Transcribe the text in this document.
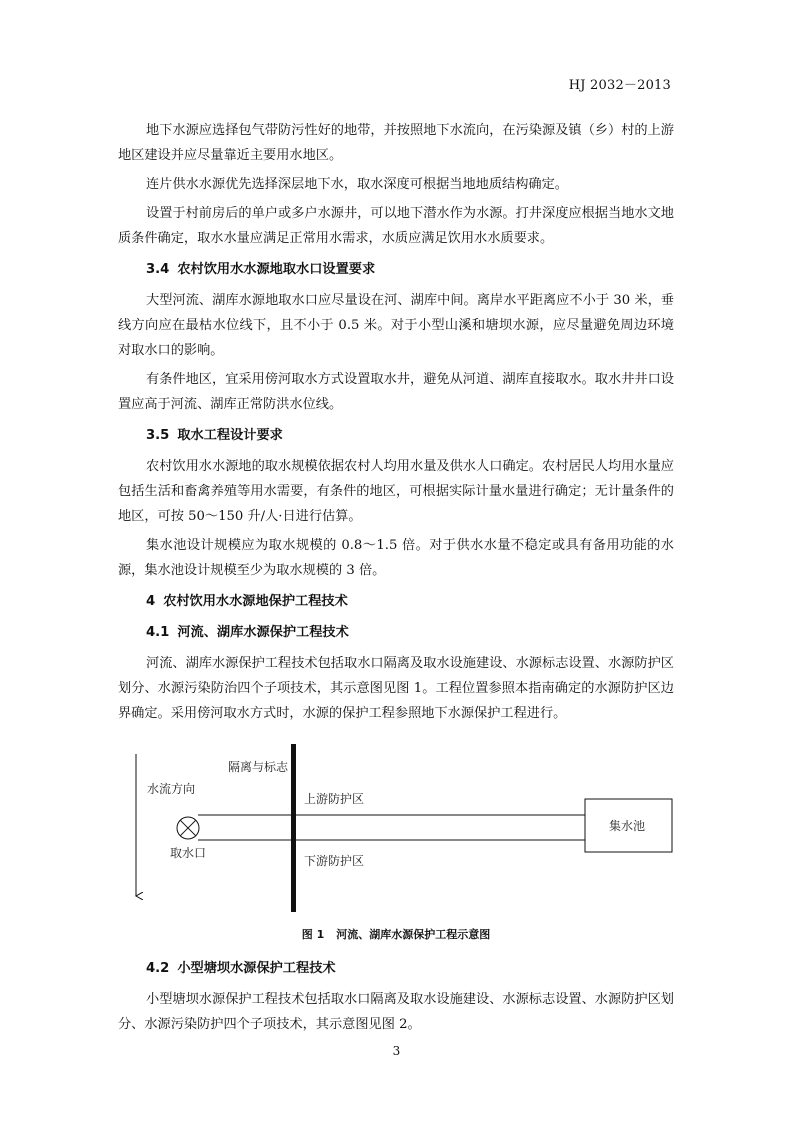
HJ 2032－2013

地下水源应选择包气带防污性好的地带，并按照地下水流向，在污染源及镇（乡）村的上游地区建设并应尽量靠近主要用水地区。

连片供水水源优先选择深层地下水，取水深度可根据当地地质结构确定。

设置于村前房后的单户或多户水源井，可以地下潜水作为水源。打井深度应根据当地水文地质条件确定，取水水量应满足正常用水需求，水质应满足饮用水水质要求。

3.4 农村饮用水水源地取水口设置要求

大型河流、湖库水源地取水口应尽量设在河、湖库中间。离岸水平距离应不小于 30 米，垂线方向应在最枯水位线下，且不小于 0.5 米。对于小型山溪和塘坝水源，应尽量避免周边环境对取水口的影响。

有条件地区，宜采用傍河取水方式设置取水井，避免从河道、湖库直接取水。取水井井口设置应高于河流、湖库正常防洪水位线。

3.5 取水工程设计要求

农村饮用水水源地的取水规模依据农村人均用水量及供水人口确定。农村居民人均用水量应包括生活和畜禽养殖等用水需要，有条件的地区，可根据实际计量水量进行确定；无计量条件的地区，可按 50～150 升/人·日进行估算。

集水池设计规模应为取水规模的 0.8～1.5 倍。对于供水水量不稳定或具有备用功能的水源，集水池设计规模至少为取水规模的 3 倍。

4 农村饮用水水源地保护工程技术
4.1 河流、湖库水源保护工程技术

河流、湖库水源保护工程技术包括取水口隔离及取水设施建设、水源标志设置、水源防护区划分、水源污染防治四个子项技术，其示意图见图 1。工程位置参照本指南确定的水源防护区边界确定。采用傍河取水方式时，水源的保护工程参照地下水源保护工程进行。

隔离与标志
水流方向
上游防护区
下游防护区
取水口
集水池
图 1 河流、湖库水源保护工程示意图
4.2 小型塘坝水源保护工程技术

小型塘坝水源保护工程技术包括取水口隔离及取水设施建设、水源标志设置、水源防护区划分、水源污染防护四个子项技术，其示意图见图 2。

3
